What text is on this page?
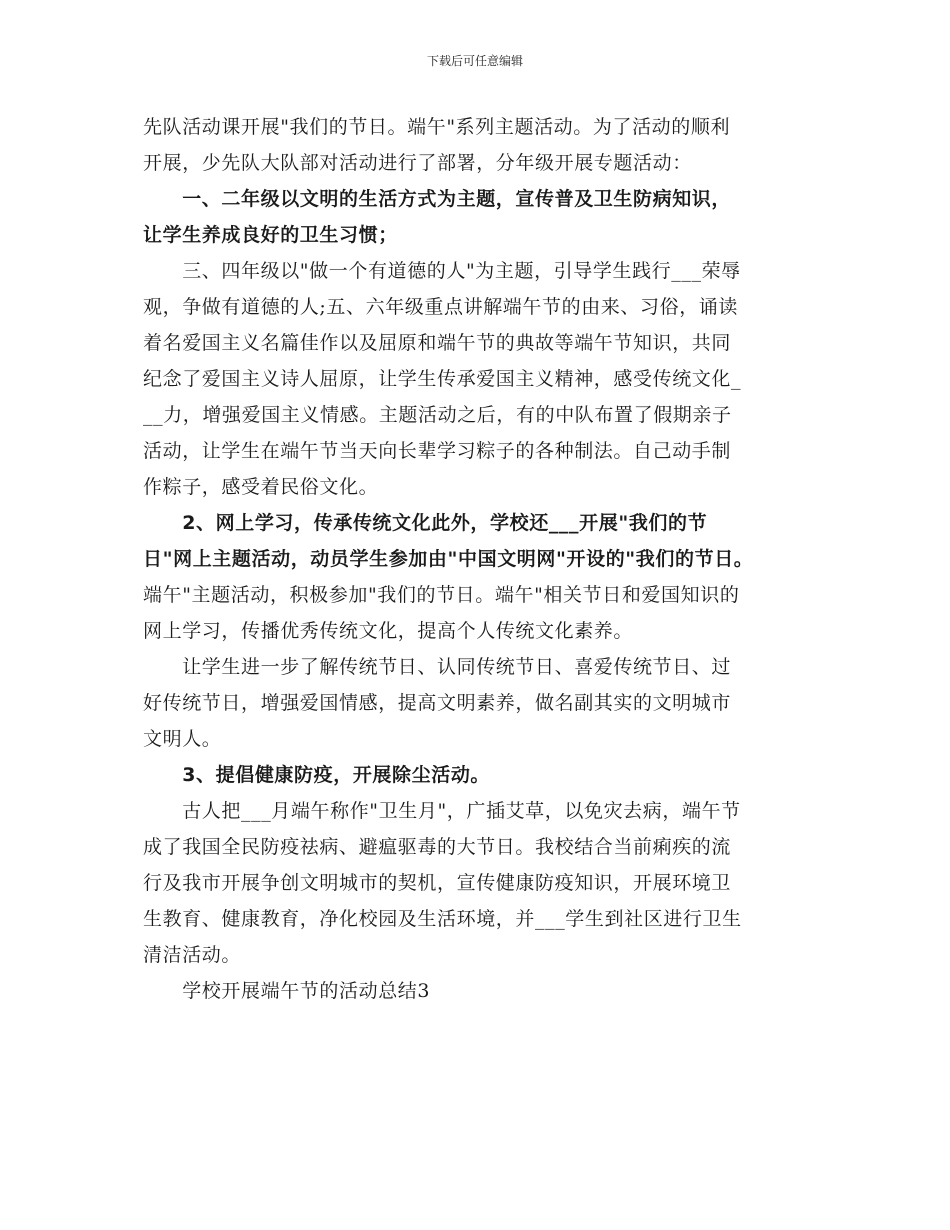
下载后可任意编辑
先队活动课开展"我们的节日。端午"系列主题活动。为了活动的顺利
开展，少先队大队部对活动进行了部署，分年级开展专题活动：
　　一、二年级以文明的生活方式为主题，宣传普及卫生防病知识，
让学生养成良好的卫生习惯；
　　三、四年级以"做一个有道德的人"为主题，引导学生践行___荣辱
观，争做有道德的人;五、六年级重点讲解端午节的由来、习俗，诵读
着名爱国主义名篇佳作以及屈原和端午节的典故等端午节知识，共同
纪念了爱国主义诗人屈原，让学生传承爱国主义精神，感受传统文化_
__力，增强爱国主义情感。主题活动之后，有的中队布置了假期亲子
活动，让学生在端午节当天向长辈学习粽子的各种制法。自己动手制
作粽子，感受着民俗文化。
　　2、网上学习，传承传统文化此外，学校还___开展"我们的节
日"网上主题活动，动员学生参加由"中国文明网"开设的"我们的节日。
端午"主题活动，积极参加"我们的节日。端午"相关节日和爱国知识的
网上学习，传播优秀传统文化，提高个人传统文化素养。
　　让学生进一步了解传统节日、认同传统节日、喜爱传统节日、过
好传统节日，增强爱国情感，提高文明素养，做名副其实的文明城市
文明人。
　　3、提倡健康防疫，开展除尘活动。
　　古人把___月端午称作"卫生月"，广插艾草，以免灾去病，端午节
成了我国全民防疫祛病、避瘟驱毒的大节日。我校结合当前痢疾的流
行及我市开展争创文明城市的契机，宣传健康防疫知识，开展环境卫
生教育、健康教育，净化校园及生活环境，并___学生到社区进行卫生
清洁活动。
　　学校开展端午节的活动总结3
